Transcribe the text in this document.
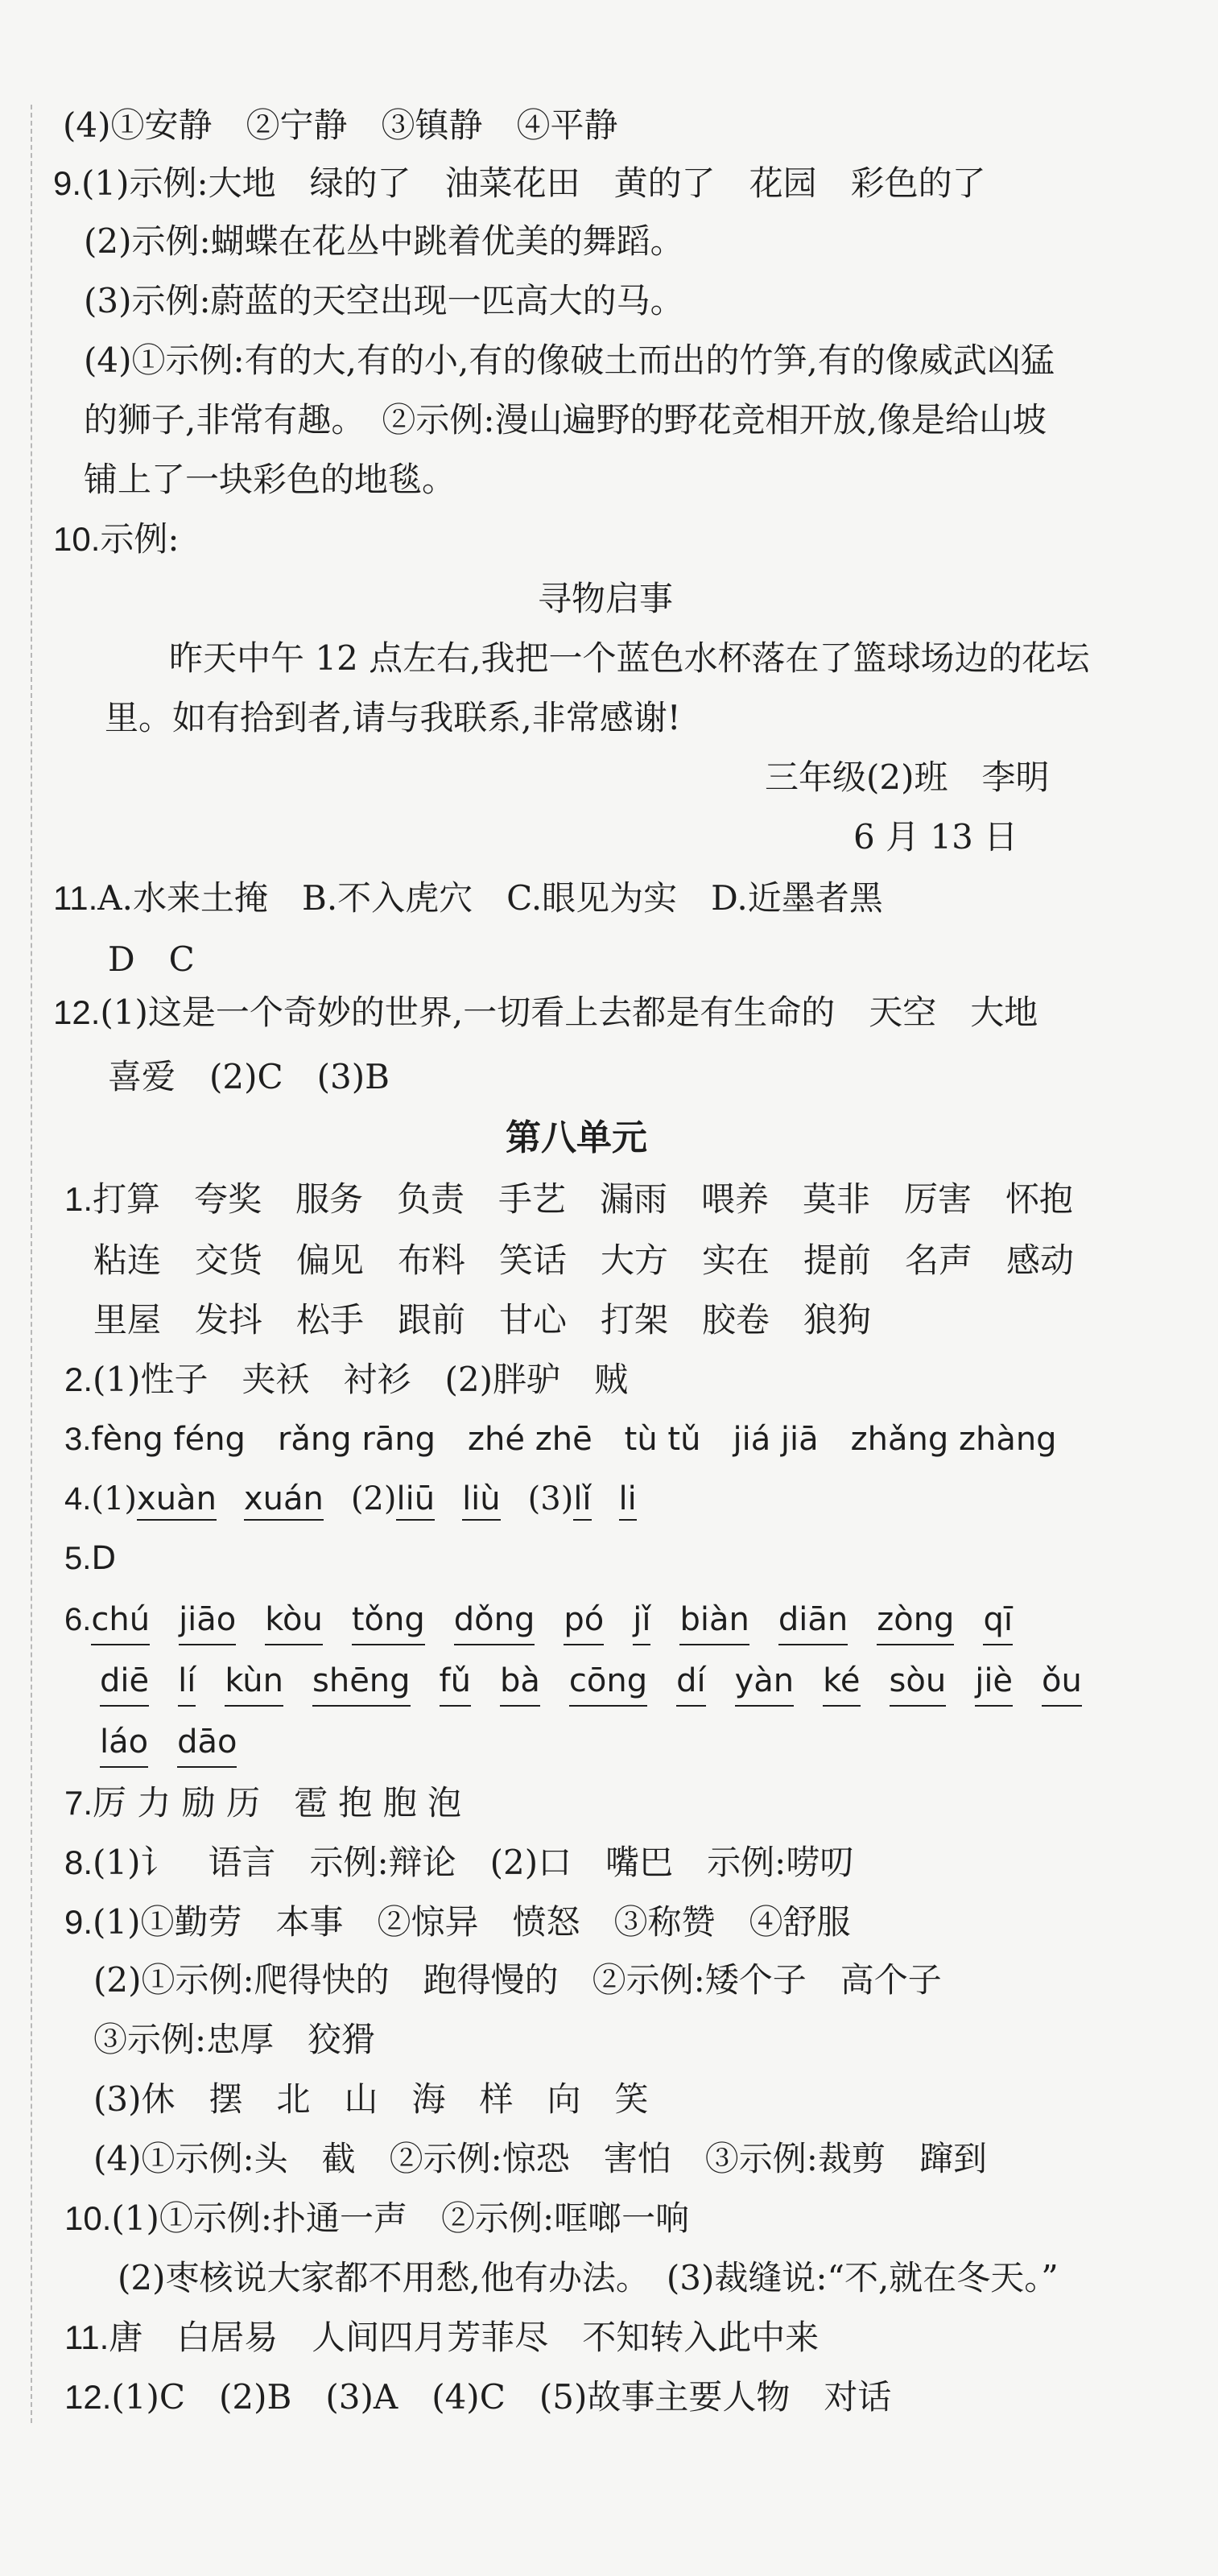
(4)①安静　②宁静　③镇静　④平静
9.(1)示例:大地　绿的了　油菜花田　黄的了　花园　彩色的了
(2)示例:蝴蝶在花丛中跳着优美的舞蹈。
(3)示例:蔚蓝的天空出现一匹高大的马。
(4)①示例:有的大,有的小,有的像破土而出的竹笋,有的像威武凶猛
的狮子,非常有趣。　②示例:漫山遍野的野花竞相开放,像是给山坡
铺上了一块彩色的地毯。
10.示例:
寻物启事
昨天中午 12 点左右,我把一个蓝色水杯落在了篮球场边的花坛
里。如有拾到者,请与我联系,非常感谢!
三年级(2)班　李明
6 月 13 日
11.A.水来土掩　B.不入虎穴　C.眼见为实　D.近墨者黑
D　C
12.(1)这是一个奇妙的世界,一切看上去都是有生命的　天空　大地
喜爱　(2)C　(3)B
第八单元
1.打算　夸奖　服务　负责　手艺　漏雨　喂养　莫非　厉害　怀抱
粘连　交货　偏见　布料　笑话　大方　实在　提前　名声　感动
里屋　发抖　松手　跟前　甘心　打架　胶卷　狼狗
2.(1)性子　夹袄　衬衫　(2)胖驴　贼
3.fèng féng　rǎng rāng　zhé zhē　tù tǔ　jiá jiā　zhǎng zhàng
4.(1)xuàn xuán (2)liū liù (3)lǐ li
5.D
6.chú jiāo kòu tǒng dǒng pó jǐ biàn diān zòng qī
diē lí kùn shēng fǔ bà cōng dí yàn ké sòu jiè ǒu
láo dāo
7.厉 力 励 历　雹 抱 胞 泡
8.(1)讠　语言　示例:辩论　(2)口　嘴巴　示例:唠叨
9.(1)①勤劳　本事　②惊异　愤怒　③称赞　④舒服
(2)①示例:爬得快的　跑得慢的　②示例:矮个子　高个子
③示例:忠厚　狡猾
(3)休　摆　北　山　海　样　向　笑
(4)①示例:头　截　②示例:惊恐　害怕　③示例:裁剪　蹿到
10.(1)①示例:扑通一声　②示例:哐啷一响
(2)枣核说大家都不用愁,他有办法。　(3)裁缝说:“不,就在冬天。”
11.唐　白居易　人间四月芳菲尽　不知转入此中来
12.(1)C　(2)B　(3)A　(4)C　(5)故事主要人物　对话
